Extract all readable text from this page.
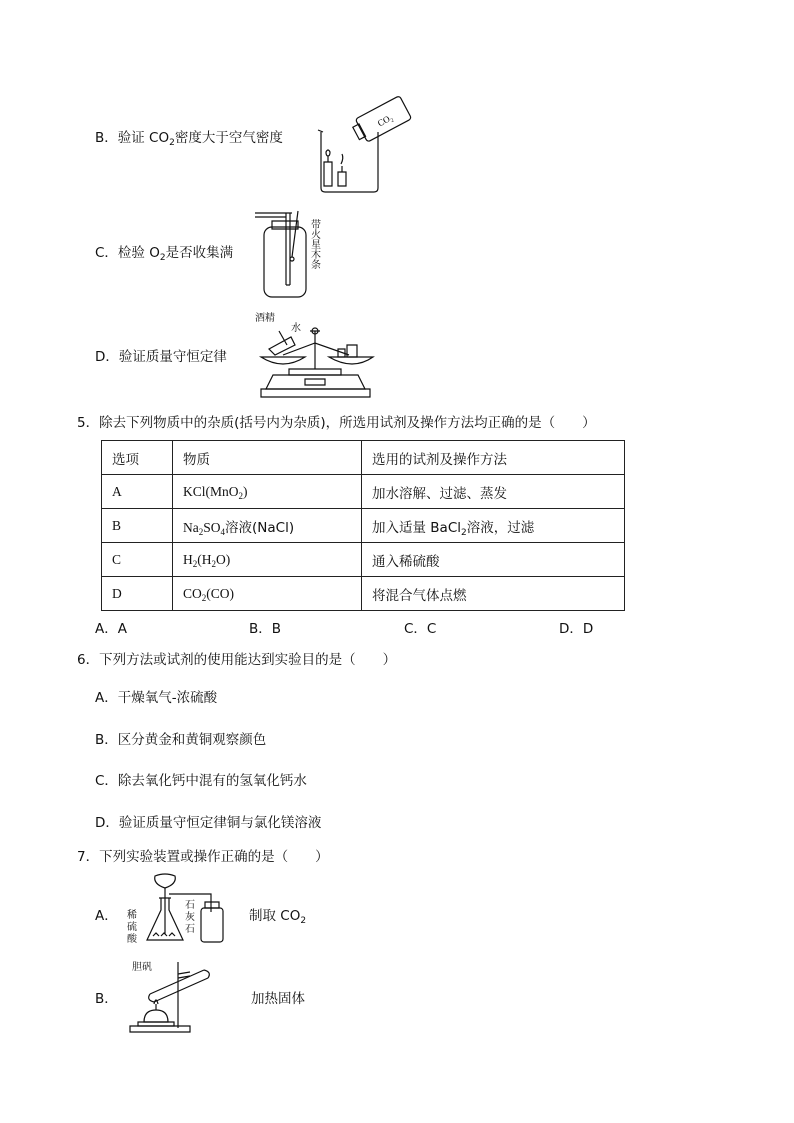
B．验证 $CO_2$密度大于空气密度
CO₂
C．检验 $O_2$是否收集满	带火星木条
D．验证质量守恒定律
酒精
水
5．除去下列物质中的杂质(括号内为杂质)，所选用试剂及操作方法均正确的是（　　）
选项	物质	选用的试剂及操作方法
A	KCl(MnO$_2$)	加水溶解、过滤、蒸发
B	$Na_2SO_4$溶液(NaCl)	加入适量 BaCl$_2$溶液，过滤
C	$H_2(H_2O)$	通入稀硫酸
D	$CO_2(CO)$	将混合气体点燃
A．A	B．B	C．C	D．D
6．下列方法或试剂的使用能达到实验目的是（　　）
A．干燥氧气-浓硫酸
B．区分黄金和黄铜观察颜色
C．除去氧化钙中混有的氢氧化钙水
D．验证质量守恒定律铜与氯化镁溶液
7．下列实验装置或操作正确的是（　　）
A． 稀
硫
酸
石
灰
石
制取 $CO_2$
B．
胆矾
加热固体
